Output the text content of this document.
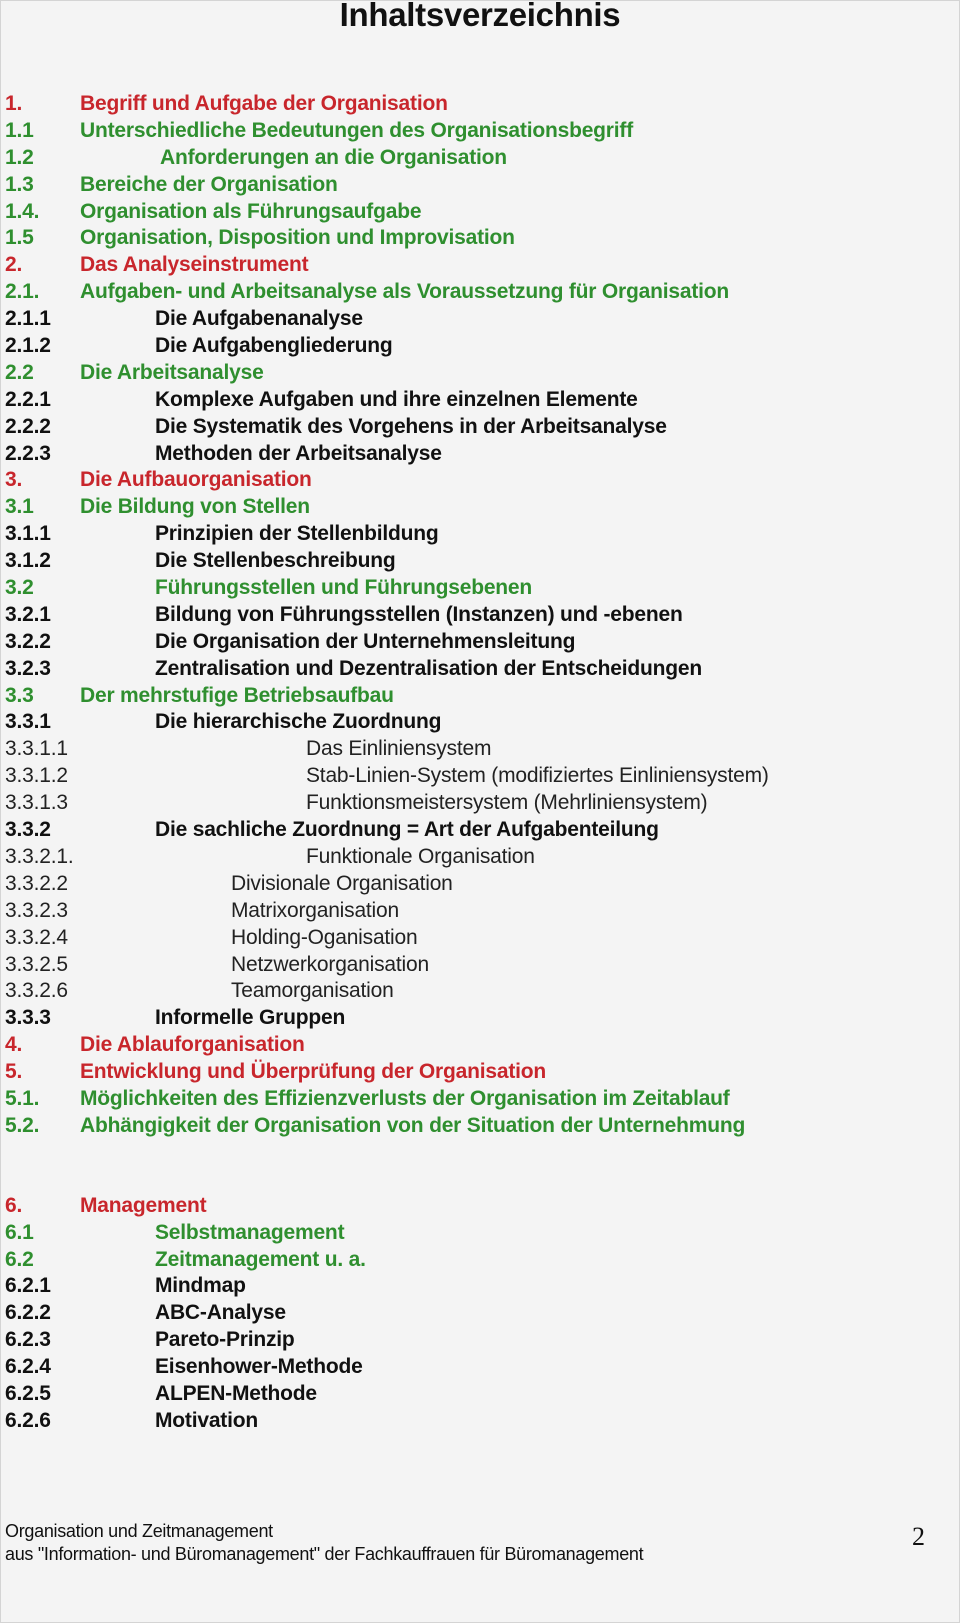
Inhaltsverzeichnis
1.	Begriff und Aufgabe der Organisation
1.1 Unterschiedliche Bedeutungen des Organisationsbegriff
1.2	Anforderungen an die Organisation
1.3 Bereiche der Organisation
1.4. Organisation als Führungsaufgabe
1.5 Organisation, Disposition und Improvisation
2.	Das Analyseinstrument
2.1. Aufgaben- und Arbeitsanalyse als Voraussetzung für Organisation
2.1.1	Die Aufgabenanalyse
2.1.2	Die Aufgabengliederung
2.2 Die Arbeitsanalyse
2.2.1	Komplexe Aufgaben und ihre einzelnen Elemente
2.2.2	Die Systematik des Vorgehens in der Arbeitsanalyse
2.2.3	Methoden der Arbeitsanalyse
3.	Die Aufbauorganisation
3.1 Die Bildung von Stellen
3.1.1	Prinzipien der Stellenbildung
3.1.2	Die Stellenbeschreibung
3.2	Führungsstellen und Führungsebenen
3.2.1	Bildung von Führungsstellen (Instanzen) und -ebenen
3.2.2	Die Organisation der Unternehmensleitung
3.2.3	Zentralisation und Dezentralisation der Entscheidungen
3.3 Der mehrstufige Betriebsaufbau
3.3.1	Die hierarchische Zuordnung
3.3.1.1	Das Einliniensystem
3.3.1.2	Stab-Linien-System (modifiziertes Einliniensystem)
3.3.1.3	Funktionsmeistersystem (Mehrliniensystem)
3.3.2	Die sachliche Zuordnung = Art der Aufgabenteilung
3.3.2.1.	Funktionale Organisation
3.3.2.2	Divisionale Organisation
3.3.2.3	Matrixorganisation
3.3.2.4	Holding-Oganisation
3.3.2.5	Netzwerkorganisation
3.3.2.6	Teamorganisation
3.3.3	Informelle Gruppen
4.	Die Ablauforganisation
5.	Entwicklung und Überprüfung der Organisation
5.1. Möglichkeiten des Effizienzverlusts der Organisation im Zeitablauf
5.2. Abhängigkeit der Organisation von der Situation der Unternehmung
6.	Management
6.1	Selbstmanagement
6.2	Zeitmanagement u. a.
6.2.1	Mindmap
6.2.2	ABC-Analyse
6.2.3	Pareto-Prinzip
6.2.4	Eisenhower-Methode
6.2.5	ALPEN-Methode
6.2.6	Motivation
Organisation und Zeitmanagement
aus "Information- und Büromanagement" der Fachkauffrauen für Büromanagement
2
